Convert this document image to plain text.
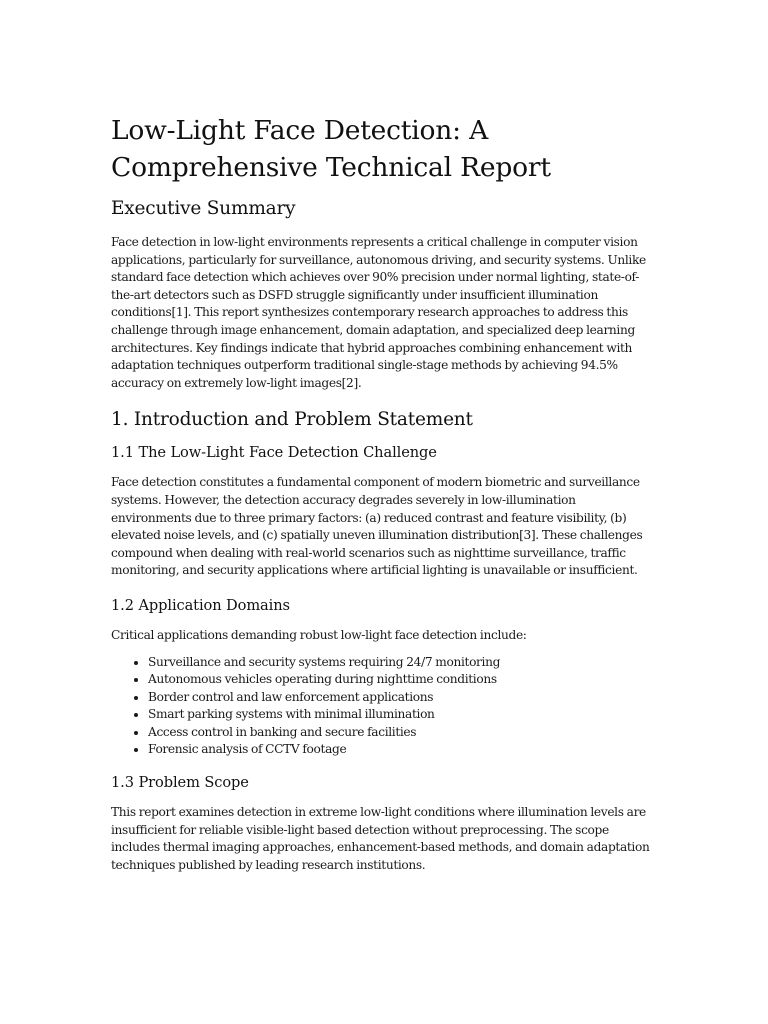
Low-Light Face Detection: A Comprehensive Technical Report
Executive Summary

Face detection in low-light environments represents a critical challenge in computer vision applications, particularly for surveillance, autonomous driving, and security systems. Unlike standard face detection which achieves over 90% precision under normal lighting, state-of-the-art detectors such as DSFD struggle significantly under insufficient illumination conditions[1]. This report synthesizes contemporary research approaches to address this challenge through image enhancement, domain adaptation, and specialized deep learning architectures. Key findings indicate that hybrid approaches combining enhancement with adaptation techniques outperform traditional single-stage methods by achieving 94.5% accuracy on extremely low-light images[2].

1. Introduction and Problem Statement
1.1 The Low-Light Face Detection Challenge

Face detection constitutes a fundamental component of modern biometric and surveillance systems. However, the detection accuracy degrades severely in low-illumination environments due to three primary factors: (a) reduced contrast and feature visibility, (b) elevated noise levels, and (c) spatially uneven illumination distribution[3]. These challenges compound when dealing with real-world scenarios such as nighttime surveillance, traffic monitoring, and security applications where artificial lighting is unavailable or insufficient.

1.2 Application Domains

Critical applications demanding robust low-light face detection include:

• Surveillance and security systems requiring 24/7 monitoring
• Autonomous vehicles operating during nighttime conditions
• Border control and law enforcement applications
• Smart parking systems with minimal illumination
• Access control in banking and secure facilities
• Forensic analysis of CCTV footage
1.3 Problem Scope

This report examines detection in extreme low-light conditions where illumination levels are insufficient for reliable visible-light based detection without preprocessing. The scope includes thermal imaging approaches, enhancement-based methods, and domain adaptation techniques published by leading research institutions.
